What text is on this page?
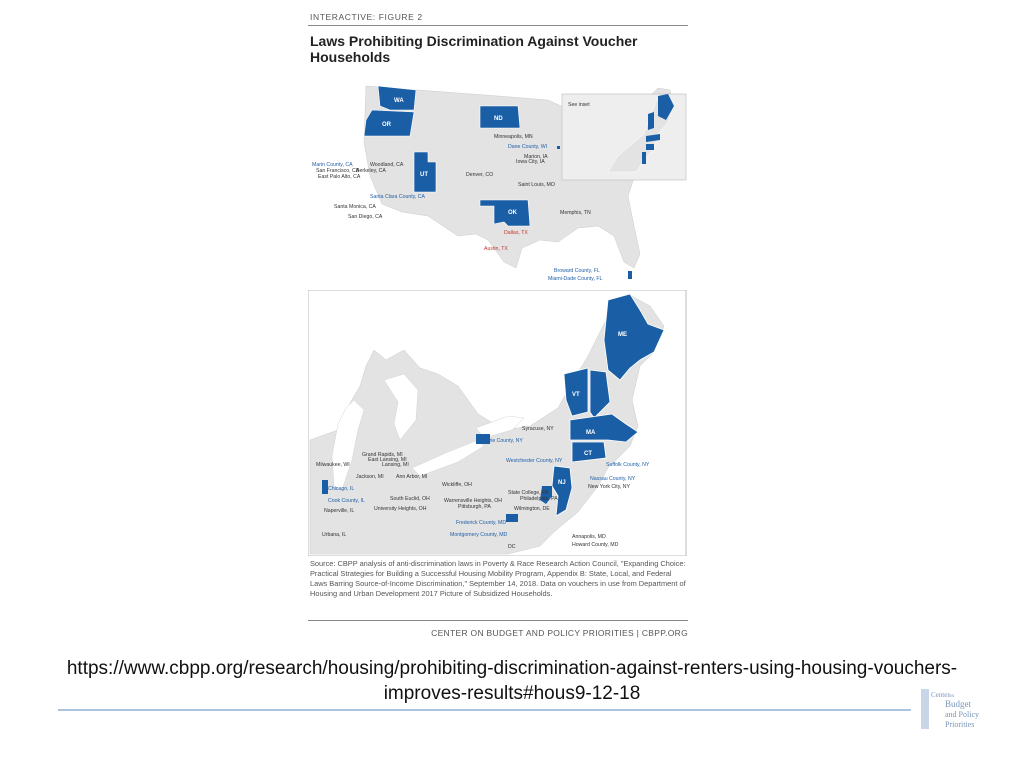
INTERACTIVE: FIGURE 2
Laws Prohibiting Discrimination Against Voucher Households
See inset
WA
OR
UT
ND
OK
Marin County, CA	Woodland, CA
San Francisco, CA
Berkeley, CA
East Palo Alto, CA
Santa Clara County, CA
Santa Monica, CA
San Diego, CA
Minneapolis, MN
Dane County, WI
Marion, IA
Iowa City, IA
Denver, CO
Saint Louis, MO
Memphis, TN
Dallas, TX
Austin, TX
Broward County, FL
Miami-Dade County, FL
ME
VT
MA
CT
NJ
Syracuse, NY
Erie County, NY
Westchester County, NY
Suffolk County, NY
Nassau County, NY
New York City, NY
Grand Rapids, MI
East Lansing, MI
Lansing, MI
Milwaukee, WI
Jackson, MI Ann Arbor, MI
Wickliffe, OH
Chicago, IL
South Euclid, OH	Warrensville Heights, OH
State College, PA
Philadelphia, PA
Cook County, IL
University Heights, OH	Pittsburgh, PA	Wilmington, DE
Naperville, IL
Frederick County, MD
Montgomery County, MD	Annapolis, MD
Howard County, MD
DC
Urbana, IL
Source: CBPP analysis of anti-discrimination laws in Poverty & Race Research Action Council, "Expanding Choice: Practical Strategies for Building a Successful Housing Mobility Program, Appendix B: State, Local, and Federal Laws Barring Source-of-Income Discrimination," September 14, 2018. Data on vouchers in use from Department of Housing and Urban Development 2017 Picture of Subsidized Households.
CENTER ON BUDGET AND POLICY PRIORITIES | CBPP.ORG
https://www.cbpp.org/research/housing/prohibiting-discrimination-against-renters-using-housing-vouchers-improves-results#hous9-12-18	Center on
Budget
and Policy
Priorities
